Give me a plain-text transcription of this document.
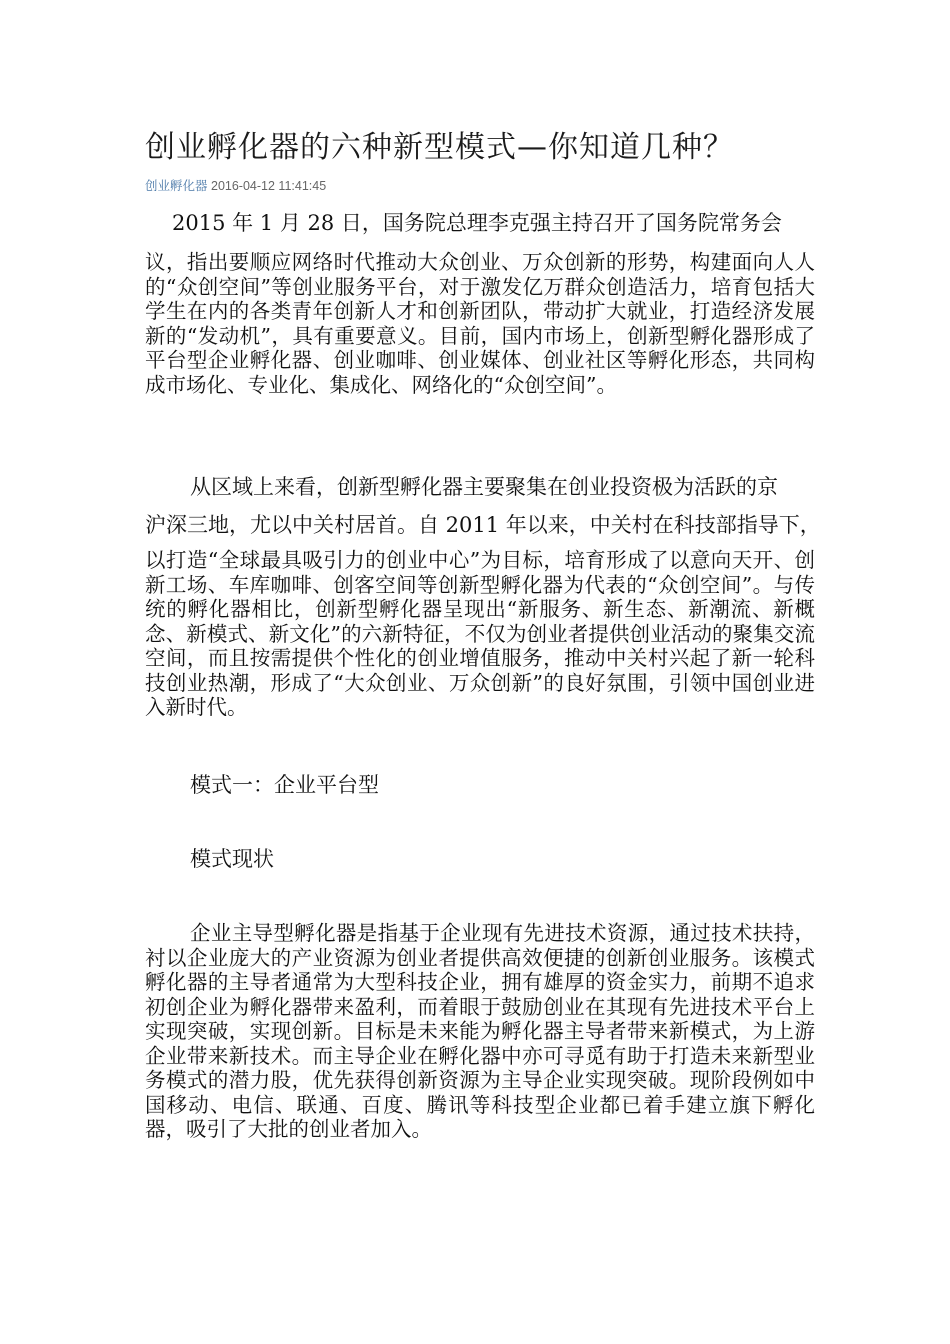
创业孵化器的六种新型模式—你知道几种？
创业孵化器 2016-04-12 11:41:45
2015 年 1 月 28 日，国务院总理李克强主持召开了国务院常务会
议，指出要顺应网络时代推动大众创业、万众创新的形势，构建面向人人的“众创空间”等创业服务平台，对于激发亿万群众创造活力，培育包括大学生在内的各类青年创新人才和创新团队，带动扩大就业，打造经济发展新的“发动机”，具有重要意义。目前，国内市场上，创新型孵化器形成了平台型企业孵化器、创业咖啡、创业媒体、创业社区等孵化形态，共同构成市场化、专业化、集成化、网络化的“众创空间”。
从区域上来看，创新型孵化器主要聚集在创业投资极为活跃的京
沪深三地，尤以中关村居首。自 2011 年以来，中关村在科技部指导下，
以打造“全球最具吸引力的创业中心”为目标，培育形成了以意向天开、创新工场、车库咖啡、创客空间等创新型孵化器为代表的“众创空间”。与传统的孵化器相比，创新型孵化器呈现出“新服务、新生态、新潮流、新概念、新模式、新文化”的六新特征，不仅为创业者提供创业活动的聚集交流空间，而且按需提供个性化的创业增值服务，推动中关村兴起了新一轮科技创业热潮，形成了“大众创业、万众创新”的良好氛围，引领中国创业进入新时代。
模式一：企业平台型
模式现状
企业主导型孵化器是指基于企业现有先进技术资源，通过技术扶持，衬以企业庞大的产业资源为创业者提供高效便捷的创新创业服务。该模式孵化器的主导者通常为大型科技企业，拥有雄厚的资金实力，前期不追求初创企业为孵化器带来盈利，而着眼于鼓励创业在其现有先进技术平台上实现突破，实现创新。目标是未来能为孵化器主导者带来新模式，为上游企业带来新技术。而主导企业在孵化器中亦可寻觅有助于打造未来新型业务模式的潜力股，优先获得创新资源为主导企业实现突破。现阶段例如中国移动、电信、联通、百度、腾讯等科技型企业都已着手建立旗下孵化器，吸引了大批的创业者加入。
